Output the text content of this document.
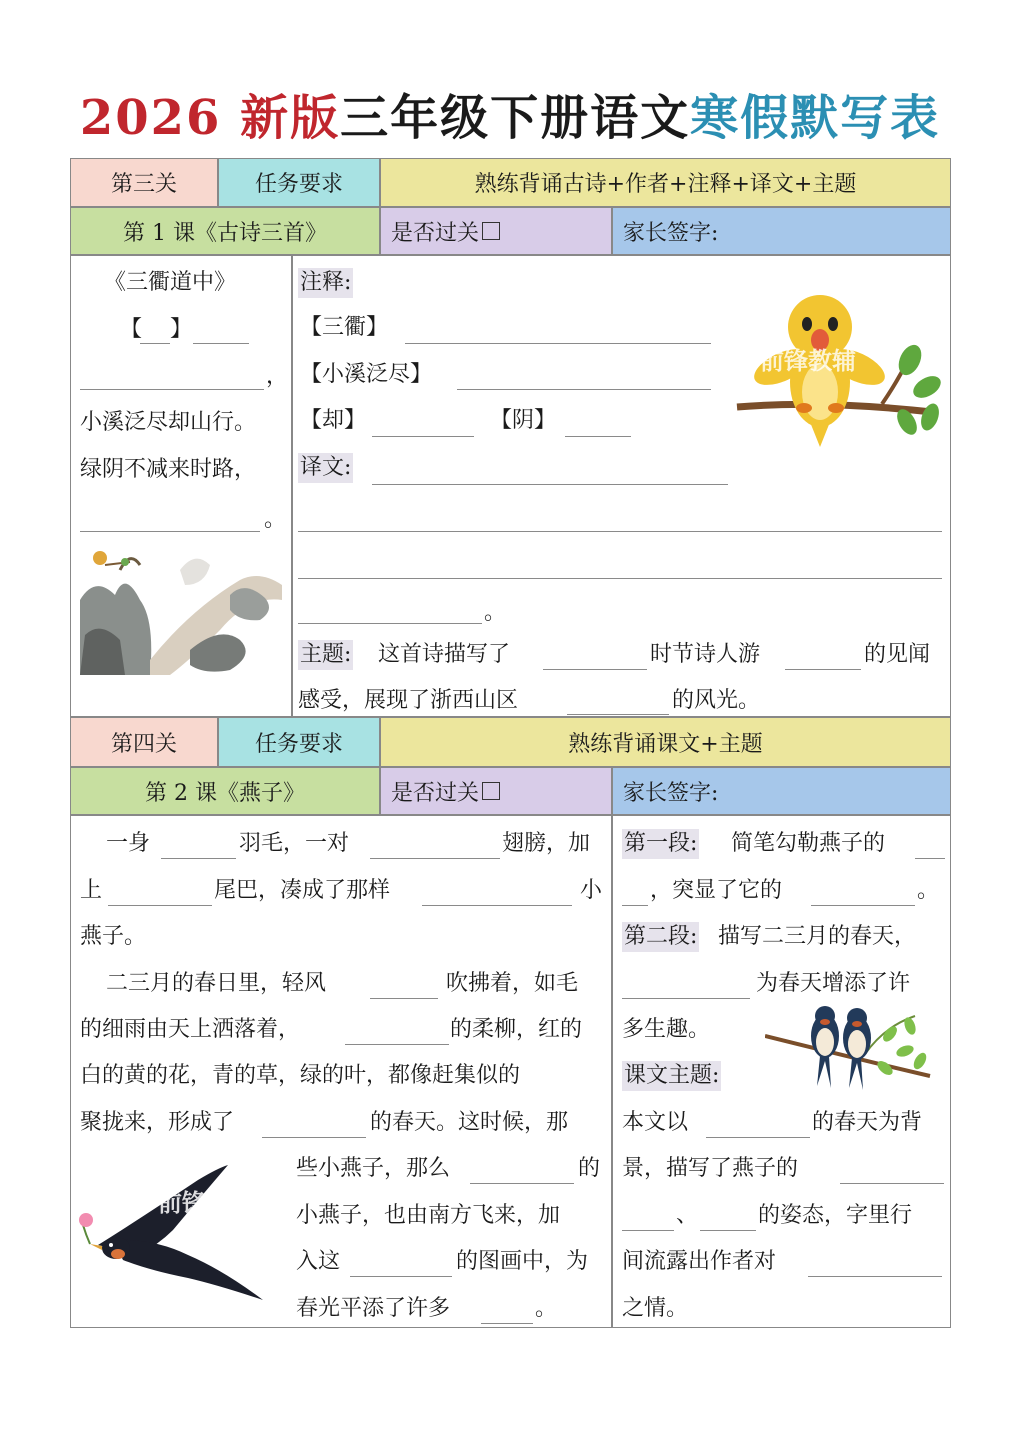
2026 新版三年级下册语文寒假默写表
第三关	任务要求	熟练背诵古诗+作者+注释+译文+主题
第 1 课《古诗三首》	是否过关	家长签字:
《三衢道中》
【 】
，
小溪泛尽却山行。
绿阴不减来时路，
。
注释:
【三衢】
【小溪泛尽】
【却】	【阴】
译文:
。
主题: 这首诗描写了	时节诗人游	的见闻
感受，展现了浙西山区	的风光。
前锋教辅
第四关	任务要求	熟练背诵课文+主题
第 2 课《燕子》	是否过关	家长签字:
一身	羽毛，一对	翅膀，加
上	尾巴，凑成了那样	小
燕子。
二三月的春日里，轻风	吹拂着，如毛
的细雨由天上洒落着，	的柔柳，红的
白的黄的花，青的草，绿的叶，都像赶集似的
聚拢来，形成了	的春天。这时候，那
些小燕子，那么	的
小燕子，也由南方飞来，加
入这	的图画中，为
春光平添了许多	。
前锋教辅
第一段: 简笔勾勒燕子的
，突显了它的	。
第二段: 描写二三月的春天，
为春天增添了许
多生趣。
课文主题:
本文以	的春天为背
景，描写了燕子的
、	的姿态，字里行
间流露出作者对
之情。
